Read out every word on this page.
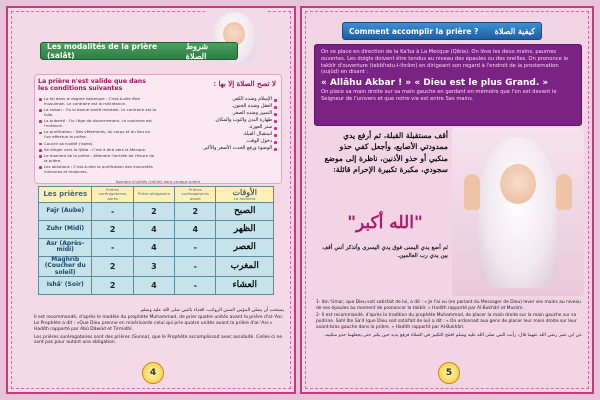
Les modalités de la prière (salât)
شروط الصلاة
La prière n'est valide que dans les conditions suivantes
لا تصح الصلاة إلا بها :
La foi dans le dogme islamique : C'est-à-dire être musulman. Le contraire est la mécréance.
La raison : Ou la bonne santé mentale. Le contraire est la folie.
La puberté : Ou l'âge de discernement. Le contraire est l'enfance.
La purification : Des vêtements, du corps et du lieu où l'on effectue la prière.
Couvrir sa nudité ('awra).
Se diriger vers la Qibla : C'est à dire vers la Mecque.
Le moment de la prière : Attendre l'arrivée de l'heure de la prière.
Les ablutions : C'est-à-dire la purification des impuretés mineures et majeures.
الإسلام وضده الكفر.
العقل وضده الجنون.
التمييز وضده الصغر.
طهارة البدن والثوب والمكان.
ستر العورة.
استقبال القبلة.
دخول الوقت.
الوضوء ورفع الحدث الأصغر والأكبر.
Nombre d'unités (rak'at) dans chaque prière
Les prières	Prières surérogatoires après	Prière obligatoire	Prières surérogatoires avant	الأوقات
Le moment

Fajr (Aube)	-	2	2	الصبح
Zuhr (Midi)	2	4	4	الظهر
Asr (Après-midi)	-	4	-	العصر
Maghrib (Coucher du soleil)	2	3	-	المغرب
Ishâ' (Soir)	2	4	-	العشاء

يستحب أن يصلي المؤمن السنن الرواتب، اقتداء بالنبي صلى الله عليه وسلم.

Il est recommandé, d'après le modèle du prophète Muhammad, de prier quatre unités avant la prière d'al-'Asr. Le Prophète a dit : «Que Dieu prenne en miséricorde celui qui prie quatre unités avant la prière d'al-'Asr.» Hadith rapporté par Abû Dâwûd et Tirmidhî.

Les prières surérogatoires sont des prières (Sunna), que le Prophète accomplissait avec assiduité. Celles-ci ne sont pas pour autant une obligation.

4
Comment accomplir la prière ? كيفية الصلاة
On se place en direction de la Ka'ba à La Mecque (Qibla). On lève les deux mains, paumes ouvertes. Les doigts doivent être tendus au niveau des épaules ou des oreilles. On prononce le takbîr d'ouverture (takbîratu-l-ihrâm) en dirigeant son regard à l'endroit de la prosternation (sujûd) en disant :
« Allâhu Akbar ! » « Dieu est le plus Grand. »
On place sa main droite sur sa main gauche en gardant en mémoire que l'on est devant le Seigneur de l'univers et que notre vie est entre Ses mains.
أقف مستقبلة القبلة، ثم أرفع يدي ممدودتي الأصابع، وأجعل كفي حذو منكبي أو حذو الأذنين، ناظرة إلى موضع سجودي، مكبرة تكبيرة الإحرام قائلة:
"الله أكبر"
ثم أضع يدي اليمنى فوق يدي اليسرى وأتذكر أنني أقف بين يدي رب العالمين.

1- Ibn 'Umar, que Dieu soit satisfait de lui, a dit : « Je l'ai vu (en parlant du Messager de Dieu) lever ses mains au niveau de ses épaules au moment de prononcer le takbîr. » Hadith rapporté par Al-Bukhârî et Muslim.

2- Il est recommandé, d'après la tradition du prophète Muhammad, de placer la main droite sur la main gauche sur sa poitrine. Sahl Ibn Sa'd (que Dieu soit satisfait de lui) a dit : « On ordonnait aux gens de placer leur main droite sur leur avant-bras gauche dans la prière. » Hadith rapporté par Al-Bukhârî.

عن ابن عمر رضي الله عنهما قال: رأيت النبي صلى الله عليه وسلم افتتح التكبير في الصلاة فرفع يديه حين يكبر حتى يجعلهما حذو منكبيه.

5
